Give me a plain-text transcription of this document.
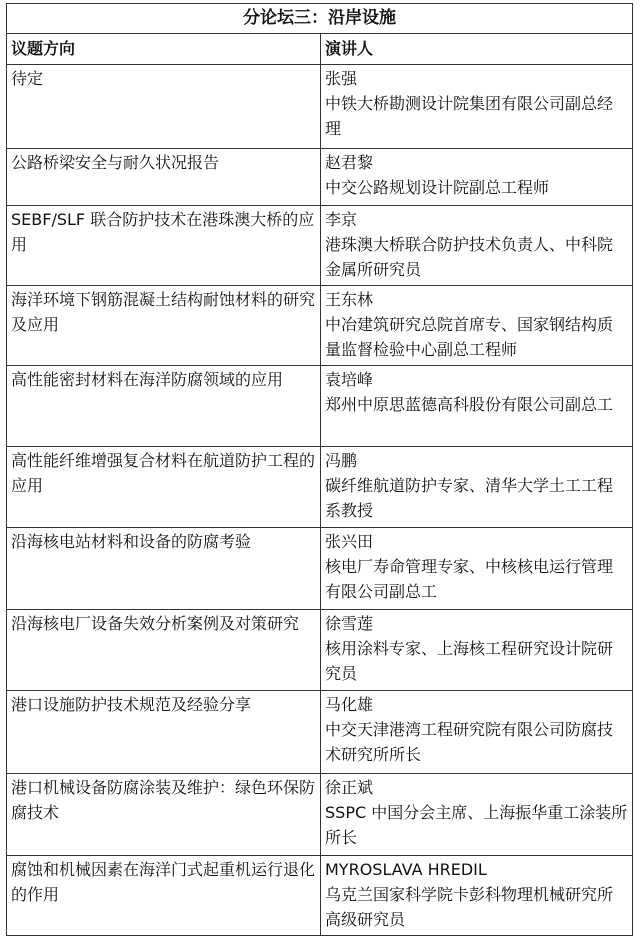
分论坛三：沿岸设施	
议题方向	演讲人

待定	张强
中铁大桥勘测设计院集团有限公司副总经理

公路桥梁安全与耐久状况报告	赵君黎
中交公路规划设计院副总工程师

SEBF/SLF 联合防护技术在港珠澳大桥的应用	李京
港珠澳大桥联合防护技术负责人、中科院金属所研究员

海洋环境下钢筋混凝土结构耐蚀材料的研究及应用	王东林
中冶建筑研究总院首席专、国家钢结构质量监督检验中心副总工程师

高性能密封材料在海洋防腐领域的应用	袁培峰
郑州中原思蓝德高科股份有限公司副总工

高性能纤维增强复合材料在航道防护工程的应用	冯鹏
碳纤维航道防护专家、清华大学土工工程系教授

沿海核电站材料和设备的防腐考验	张兴田
核电厂寿命管理专家、中核核电运行管理有限公司副总工

沿海核电厂设备失效分析案例及对策研究	徐雪莲
核用涂料专家、上海核工程研究设计院研究员

港口设施防护技术规范及经验分享	马化雄
中交天津港湾工程研究院有限公司防腐技术研究所所长

港口机械设备防腐涂装及维护：绿色环保防腐技术	徐正斌
SSPC 中国分会主席、上海振华重工涂装所所长

腐蚀和机械因素在海洋门式起重机运行退化的作用	MYROSLAVA HREDIL
乌克兰国家科学院卡彭科物理机械研究所高级研究员
